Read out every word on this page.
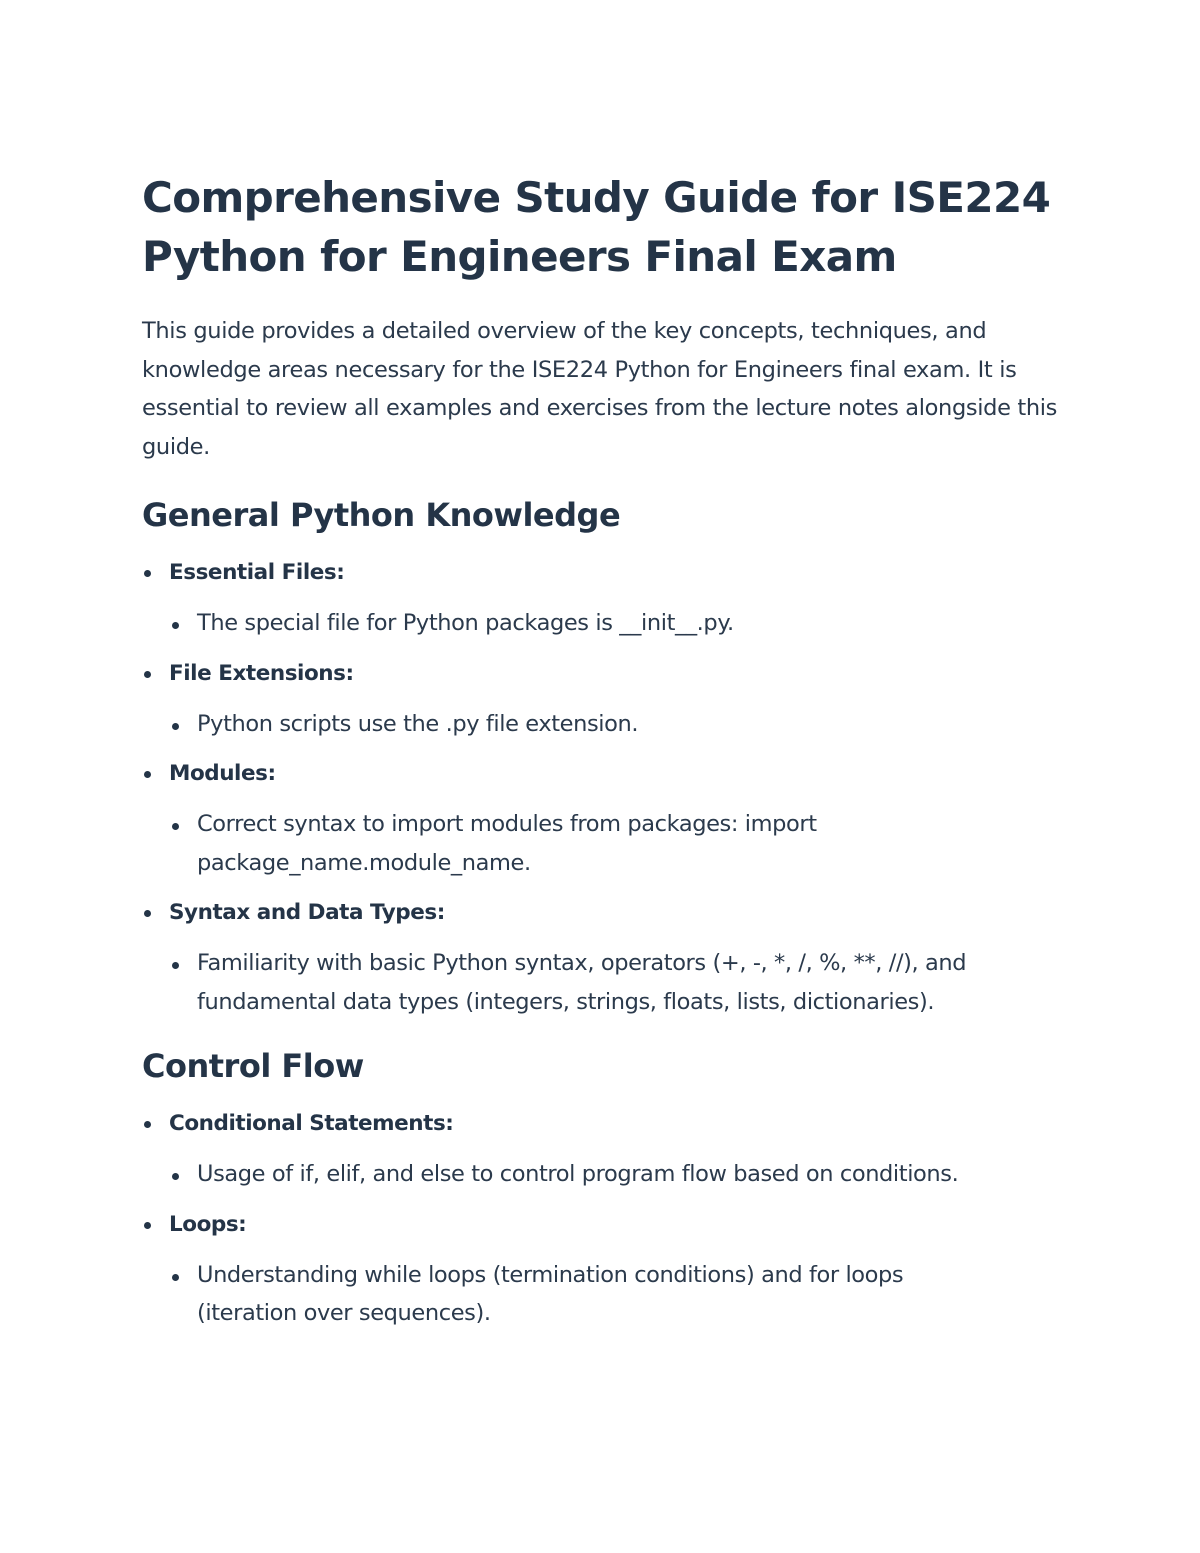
Comprehensive Study Guide for ISE224
Python for Engineers Final Exam

This guide provides a detailed overview of the key concepts, techniques, and knowledge areas necessary for the ISE224 Python for Engineers final exam. It is essential to review all examples and exercises from the lecture notes alongside this guide.

General Python Knowledge
Essential Files:
The special file for Python packages is __init__.py.
File Extensions:
Python scripts use the .py file extension.
Modules:
Correct syntax to import modules from packages: import package_name.module_name.
Syntax and Data Types:
Familiarity with basic Python syntax, operators (+, -, *, /, %, **, //), and fundamental data types (integers, strings, floats, lists, dictionaries).
Control Flow
Conditional Statements:
Usage of if, elif, and else to control program flow based on conditions.
Loops:
Understanding while loops (termination conditions) and for loops (iteration over sequences).
